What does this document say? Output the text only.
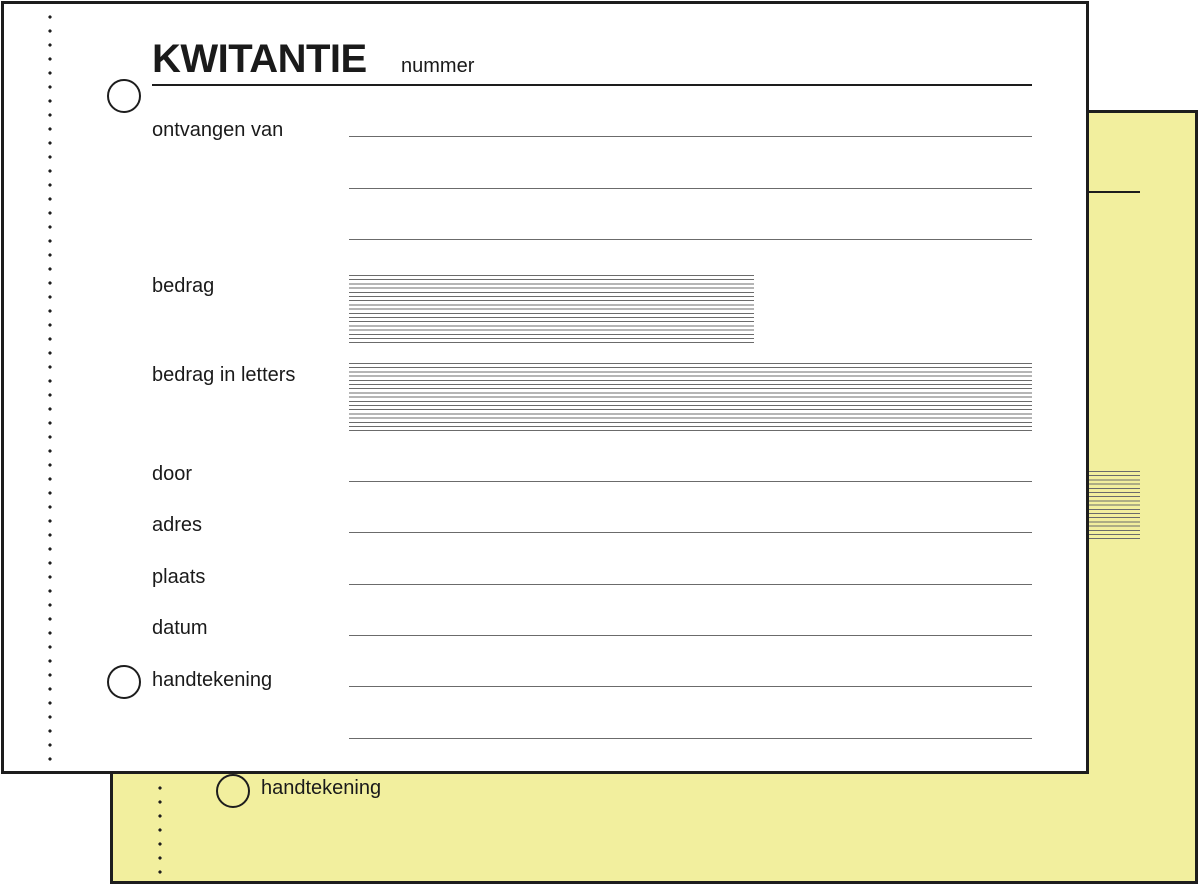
handtekening
KWITANTIE nummer
ontvangen van
bedrag
bedrag in letters
door
adres
plaats
datum
handtekening
